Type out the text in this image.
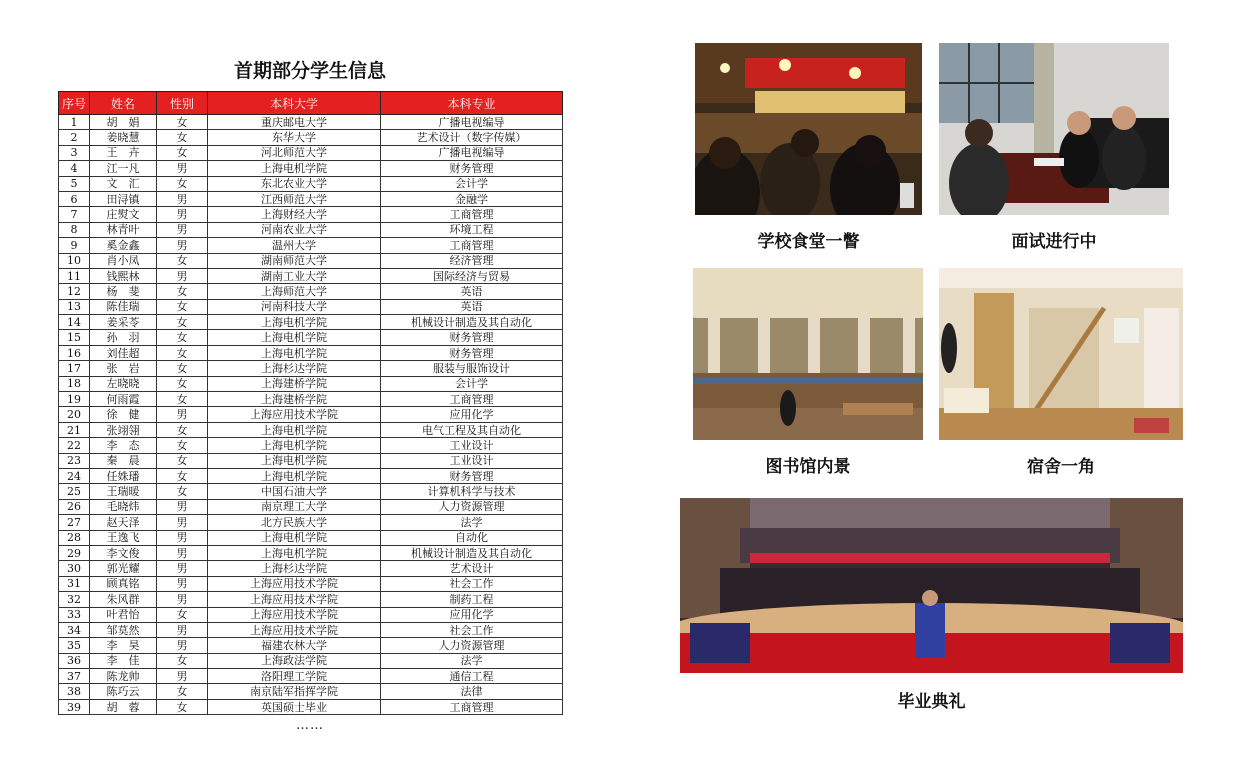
首期部分学生信息
序号	姓名	性别	本科大学	本科专业
1	胡　娟	女	重庆邮电大学	广播电视编导
2	姜晓慧	女	东华大学	艺术设计（数字传媒）
3	王　卉	女	河北师范大学	广播电视编导
4	江一凡	男	上海电机学院	财务管理
5	文　汇	女	东北农业大学	会计学
6	田浔镇	男	江西师范大学	金融学
7	庄熨文	男	上海财经大学	工商管理
8	林青叶	男	河南农业大学	环境工程
9	奚金鑫	男	温州大学	工商管理
10	肖小凤	女	湖南师范大学	经济管理
11	钱熙林	男	湖南工业大学	国际经济与贸易
12	杨　斐	女	上海师范大学	英语
13	陈佳瑞	女	河南科技大学	英语
14	姜采苓	女	上海电机学院	机械设计制造及其自动化
15	孙　羽	女	上海电机学院	财务管理
16	刘佳超	女	上海电机学院	财务管理
17	张　岩	女	上海杉达学院	服装与服饰设计
18	左晓晓	女	上海建桥学院	会计学
19	何雨霞	女	上海建桥学院	工商管理
20	徐　健	男	上海应用技术学院	应用化学
21	张翊翎	女	上海电机学院	电气工程及其自动化
22	李　态	女	上海电机学院	工业设计
23	秦　晨	女	上海电机学院	工业设计
24	任姝璠	女	上海电机学院	财务管理
25	王瑞暖	女	中国石油大学	计算机科学与技术
26	毛晓炜	男	南京理工大学	人力资源管理
27	赵天泽	男	北方民族大学	法学
28	王逸飞	男	上海电机学院	自动化
29	李文俊	男	上海电机学院	机械设计制造及其自动化
30	郭光耀	男	上海杉达学院	艺术设计
31	顾真铭	男	上海应用技术学院	社会工作
32	朱风群	男	上海应用技术学院	制药工程
33	叶君怡	女	上海应用技术学院	应用化学
34	邹莫然	男	上海应用技术学院	社会工作
35	李　昊	男	福建农林大学	人力资源管理
36	李　佳	女	上海政法学院	法学
37	陈龙帅	男	洛阳理工学院	通信工程
38	陈巧云	女	南京陆军指挥学院	法律
39	胡　蓉	女	英国硕士毕业	工商管理
……
学校食堂一瞥	面试进行中
图书馆内景	宿舍一角
毕业典礼
